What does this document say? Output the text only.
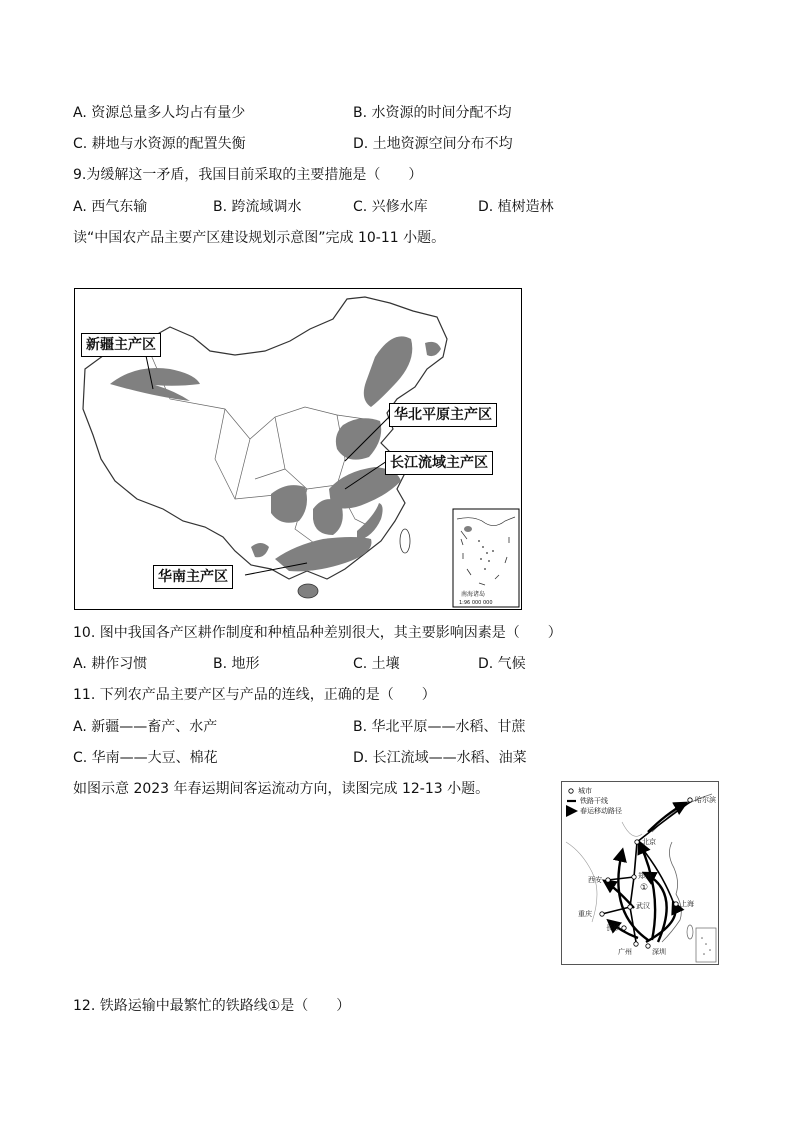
A. 资源总量多人均占有量少	B. 水资源的时间分配不均
C. 耕地与水资源的配置失衡	D. 土地资源空间分布不均
9.为缓解这一矛盾，我国目前采取的主要措施是（　　）
A. 西气东输	B. 跨流域调水	C. 兴修水库	D. 植树造林
读“中国农产品主要产区建设规划示意图”完成 10-11 小题。
新疆主产区
华北平原主产区
长江流域主产区
华南主产区
南海诸岛
1:96 000 000
10. 图中我国各产区耕作制度和种植品种差别很大，其主要影响因素是（　　）
A. 耕作习惯	B. 地形	C. 土壤	D. 气候
11. 下列农产品主要产区与产品的连线，正确的是（　　）
A. 新疆——畜产、水产	B. 华北平原——水稻、甘蔗
C. 华南——大豆、棉花	D. 长江流域——水稻、油菜
如图示意 2023 年春运期间客运流动方向，读图完成 12-13 小题。	城市
铁路干线
春运移动路径
哈尔滨
北京
郑州
西安
武汉	上海
重庆
长沙
广州	深圳
①
12. 铁路运输中最繁忙的铁路线①是（　　）
